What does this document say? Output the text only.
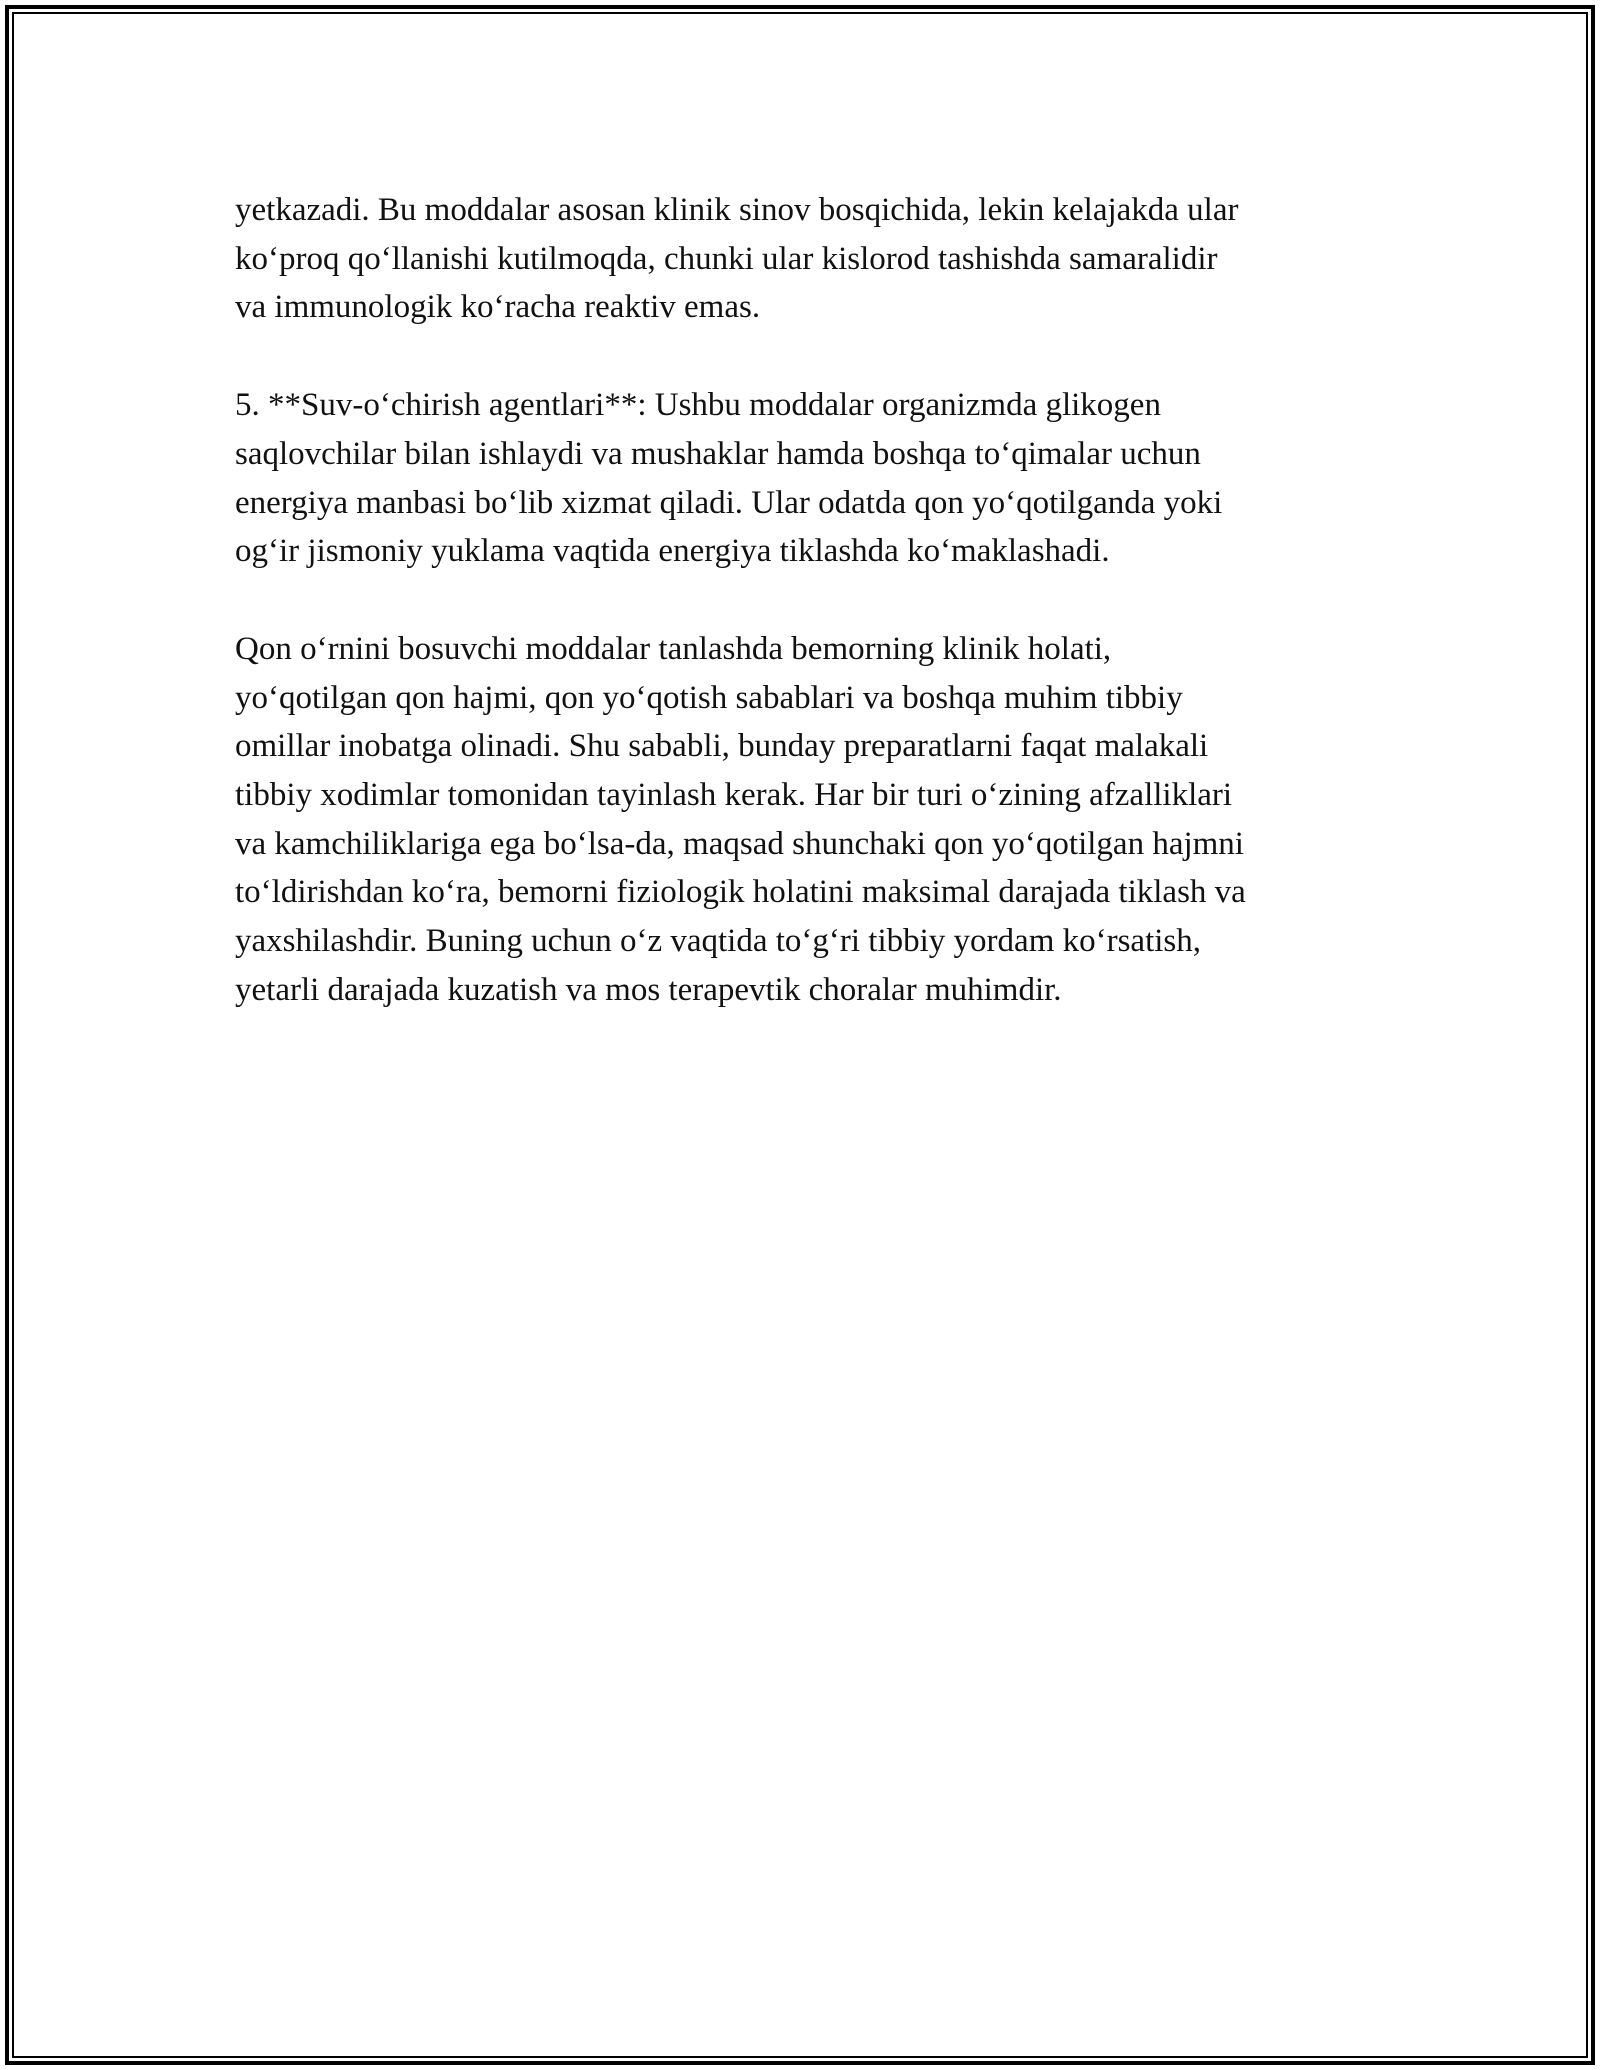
yetkazadi. Bu moddalar asosan klinik sinov bosqichida, lekin kelajakda ular
ko‘proq qo‘llanishi kutilmoqda, chunki ular kislorod tashishda samaralidir
va immunologik ko‘racha reaktiv emas.

5. **Suv-o‘chirish agentlari**: Ushbu moddalar organizmda glikogen
saqlovchilar bilan ishlaydi va mushaklar hamda boshqa to‘qimalar uchun
energiya manbasi bo‘lib xizmat qiladi. Ular odatda qon yo‘qotilganda yoki
og‘ir jismoniy yuklama vaqtida energiya tiklashda ko‘maklashadi.

Qon o‘rnini bosuvchi moddalar tanlashda bemorning klinik holati,
yo‘qotilgan qon hajmi, qon yo‘qotish sabablari va boshqa muhim tibbiy
omillar inobatga olinadi. Shu sababli, bunday preparatlarni faqat malakali
tibbiy xodimlar tomonidan tayinlash kerak. Har bir turi o‘zining afzalliklari
va kamchiliklariga ega bo‘lsa-da, maqsad shunchaki qon yo‘qotilgan hajmni
to‘ldirishdan ko‘ra, bemorni fiziologik holatini maksimal darajada tiklash va
yaxshilashdir. Buning uchun o‘z vaqtida to‘g‘ri tibbiy yordam ko‘rsatish,
yetarli darajada kuzatish va mos terapevtik choralar muhimdir.
